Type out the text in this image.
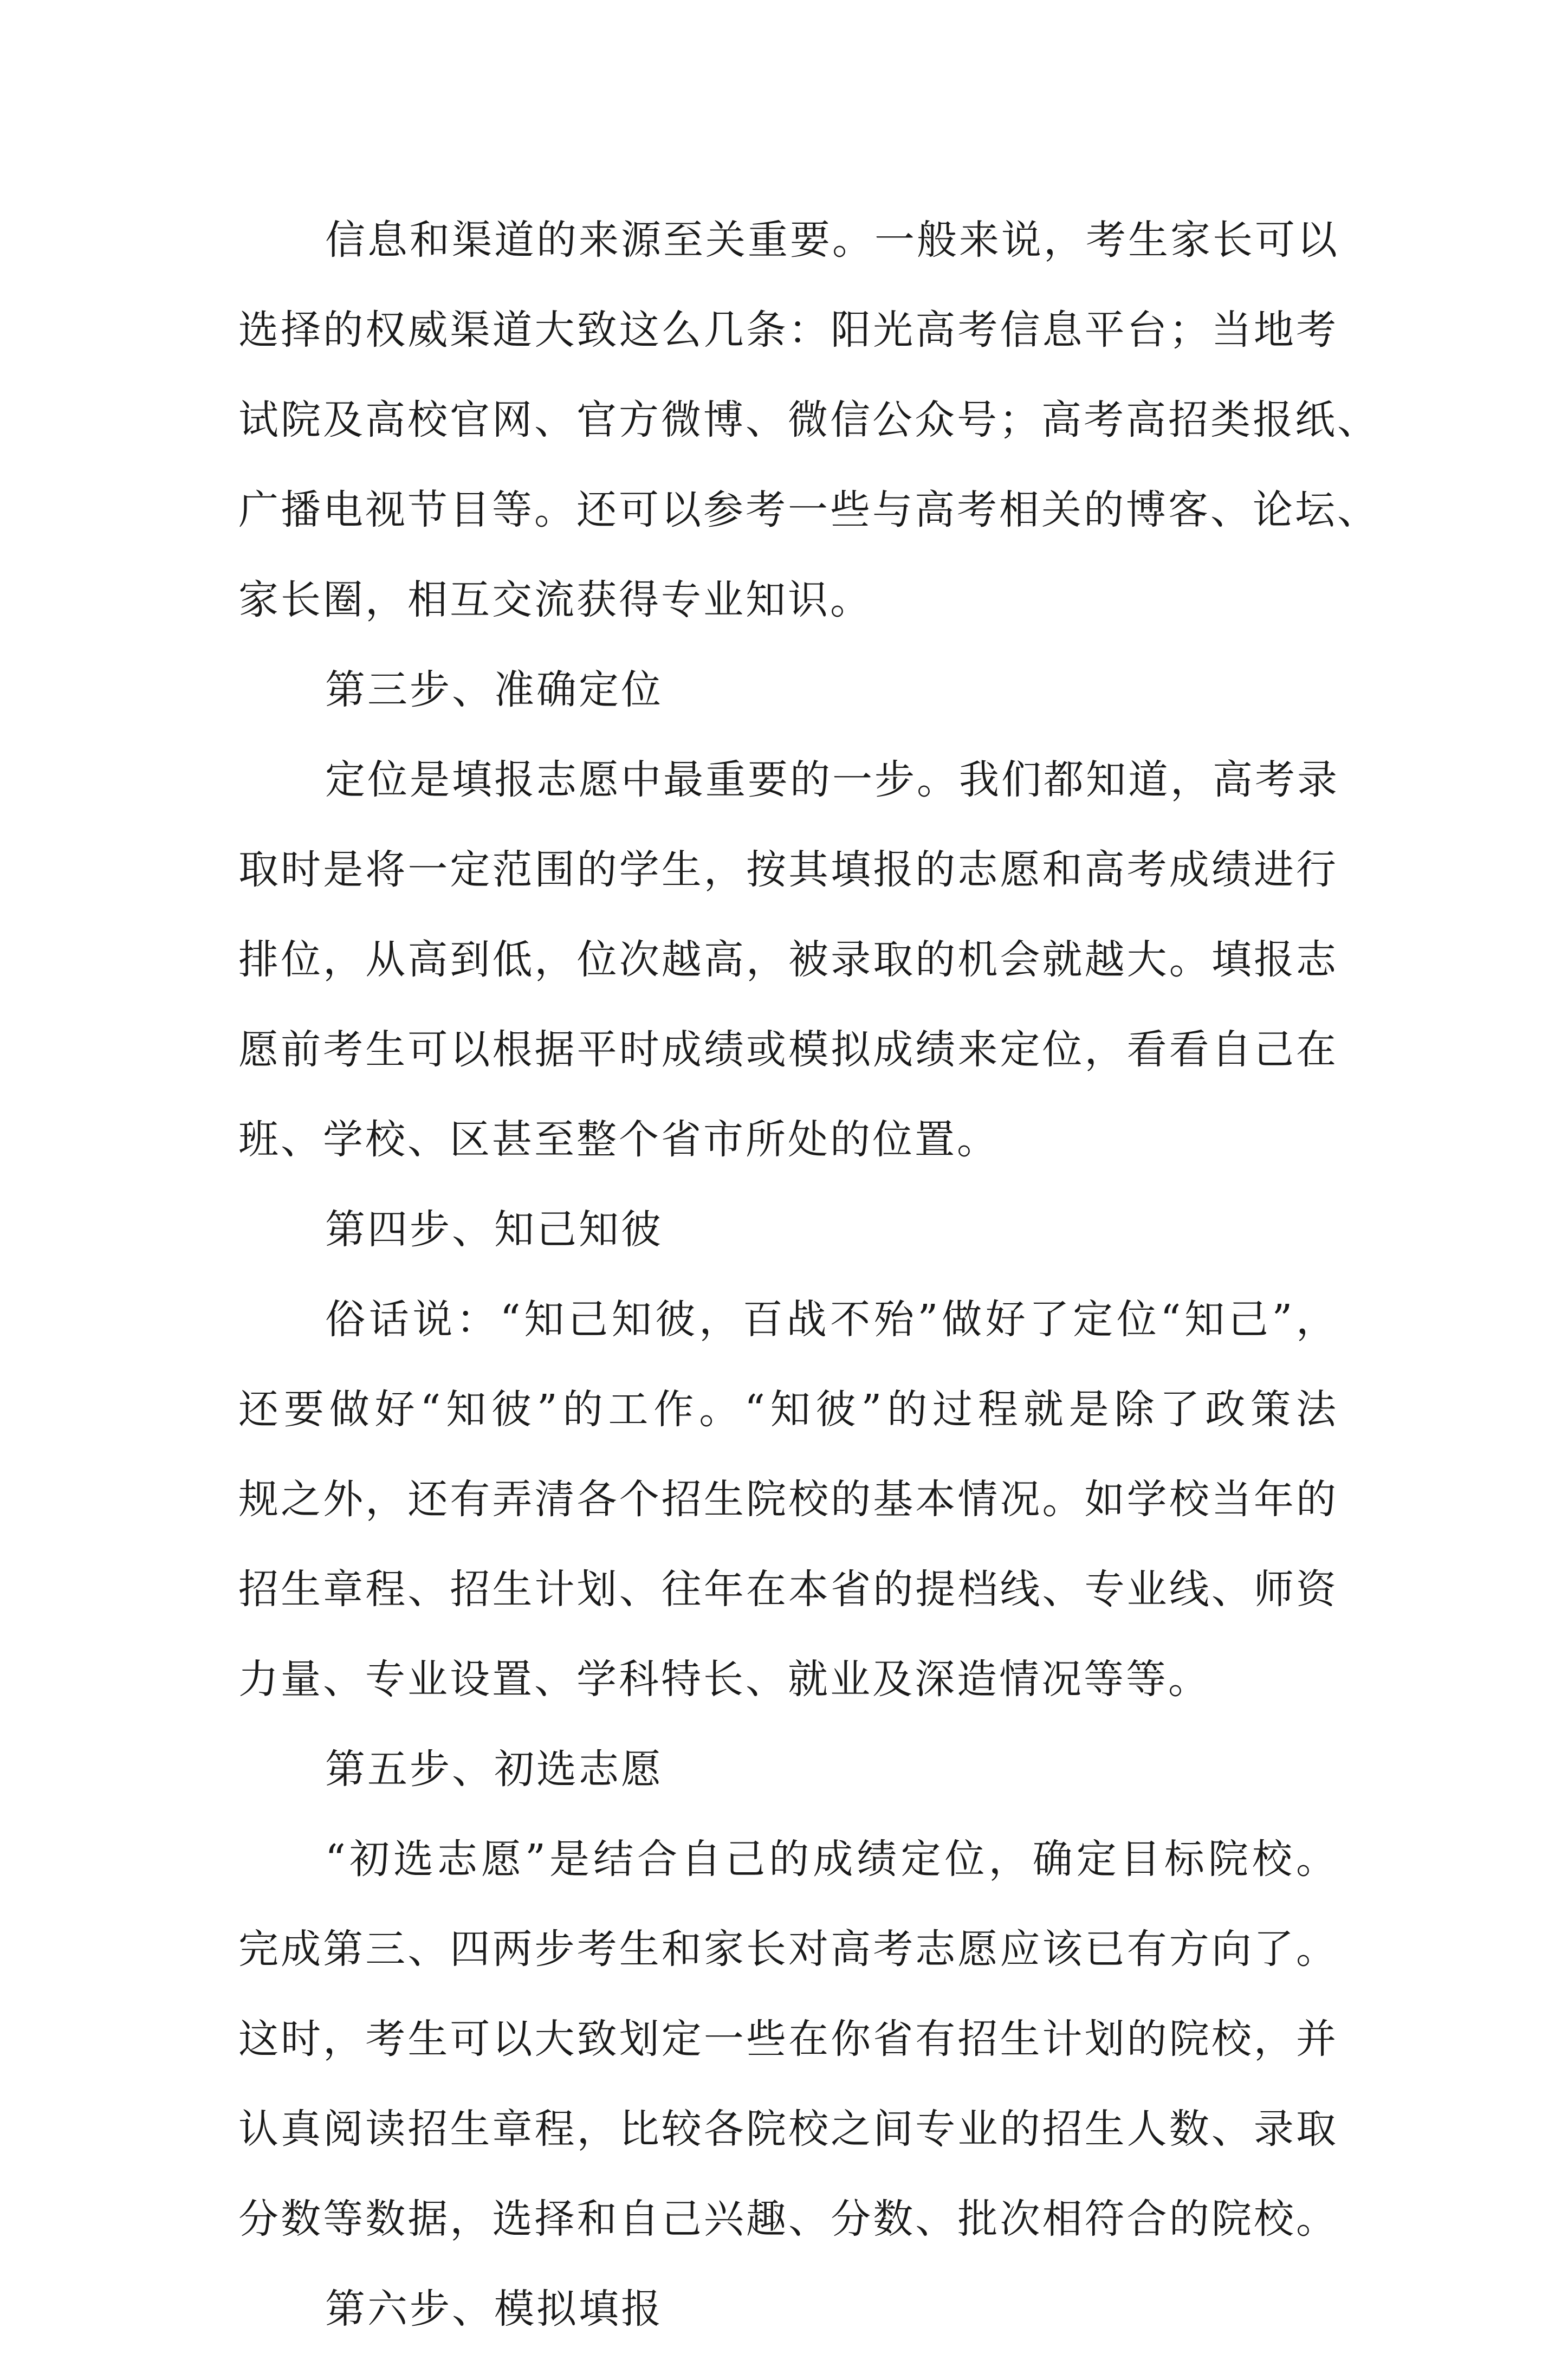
信息和渠道的来源至关重要。一般来说，考生家长可以
选择的权威渠道大致这么几条：阳光高考信息平台；当地考
试院及高校官网、官方微博、微信公众号；高考高招类报纸、
广播电视节目等。还可以参考一些与高考相关的博客、论坛、
家长圈，相互交流获得专业知识。
第三步、准确定位
定位是填报志愿中最重要的一步。我们都知道，高考录
取时是将一定范围的学生，按其填报的志愿和高考成绩进行
排位，从高到低，位次越高，被录取的机会就越大。填报志
愿前考生可以根据平时成绩或模拟成绩来定位，看看自己在
班、学校、区甚至整个省市所处的位置。
第四步、知己知彼
俗话说：“知己知彼，百战不殆”做好了定位“知己”，
还要做好“知彼”的工作。“知彼”的过程就是除了政策法
规之外，还有弄清各个招生院校的基本情况。如学校当年的
招生章程、招生计划、往年在本省的提档线、专业线、师资
力量、专业设置、学科特长、就业及深造情况等等。
第五步、初选志愿
“初选志愿”是结合自己的成绩定位，确定目标院校。
完成第三、四两步考生和家长对高考志愿应该已有方向了。
这时，考生可以大致划定一些在你省有招生计划的院校，并
认真阅读招生章程，比较各院校之间专业的招生人数、录取
分数等数据，选择和自己兴趣、分数、批次相符合的院校。
第六步、模拟填报
